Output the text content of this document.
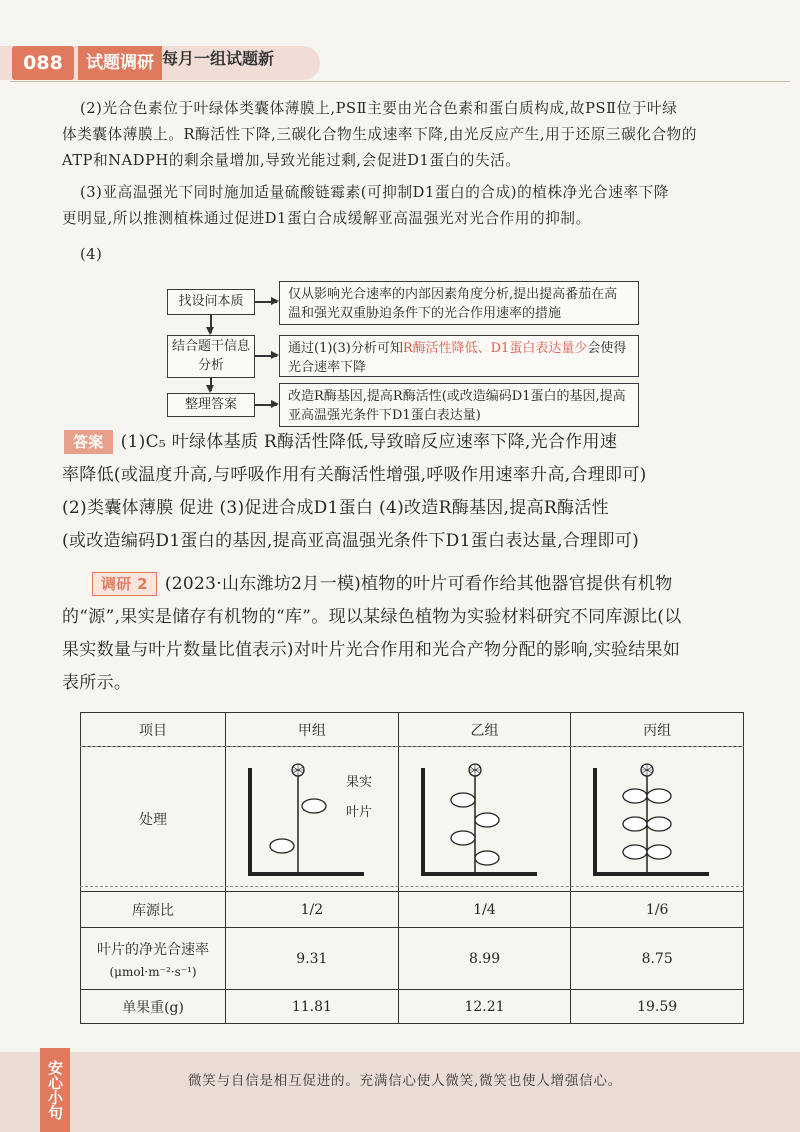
088	试题调研 每月一组试题新
(2)光合色素位于叶绿体类囊体薄膜上,PSⅡ主要由光合色素和蛋白质构成,故PSⅡ位于叶绿
体类囊体薄膜上。R酶活性下降,三碳化合物生成速率下降,由光反应产生,用于还原三碳化合物的
ATP和NADPH的剩余量增加,导致光能过剩,会促进D1蛋白的失活。
(3)亚高温强光下同时施加适量硫酸链霉素(可抑制D1蛋白的合成)的植株净光合速率下降
更明显,所以推测植株通过促进D1蛋白合成缓解亚高温强光对光合作用的抑制。
(4)
找设问本质	仅从影响光合速率的内部因素角度分析,提出提高番茄在高温和强光双重胁迫条件下的光合作用速率的措施
结合题干信息分析
通过(1)(3)分析可知R酶活性降低、D1蛋白表达量少会使得光合速率下降
整理答案
改造R酶基因,提高R酶活性(或改造编码D1蛋白的基因,提高亚高温强光条件下D1蛋白表达量)
答案 (1)C₅ 叶绿体基质 R酶活性降低,导致暗反应速率下降,光合作用速
率降低(或温度升高,与呼吸作用有关酶活性增强,呼吸作用速率升高,合理即可)
(2)类囊体薄膜 促进 (3)促进合成D1蛋白 (4)改造R酶基因,提高R酶活性
(或改造编码D1蛋白的基因,提高亚高温强光条件下D1蛋白表达量,合理即可)
调研 2 (2023·山东潍坊2月一模)植物的叶片可看作给其他器官提供有机物
的“源”,果实是储存有机物的“库”。现以某绿色植物为实验材料研究不同库源比(以
果实数量与叶片数量比值表示)对叶片光合作用和光合产物分配的影响,实验结果如
表所示。
项目	甲组	乙组	丙组
处理	果实
叶片

库源比	1/2	1/4	1/6

叶片的净光合速率
(μmol·m⁻²·s⁻¹)	9.31	8.99	8.75
单果重(g)	11.81	12.21	19.59
安心小句	微笑与自信是相互促进的。充满信心使人微笑,微笑也使人增强信心。
